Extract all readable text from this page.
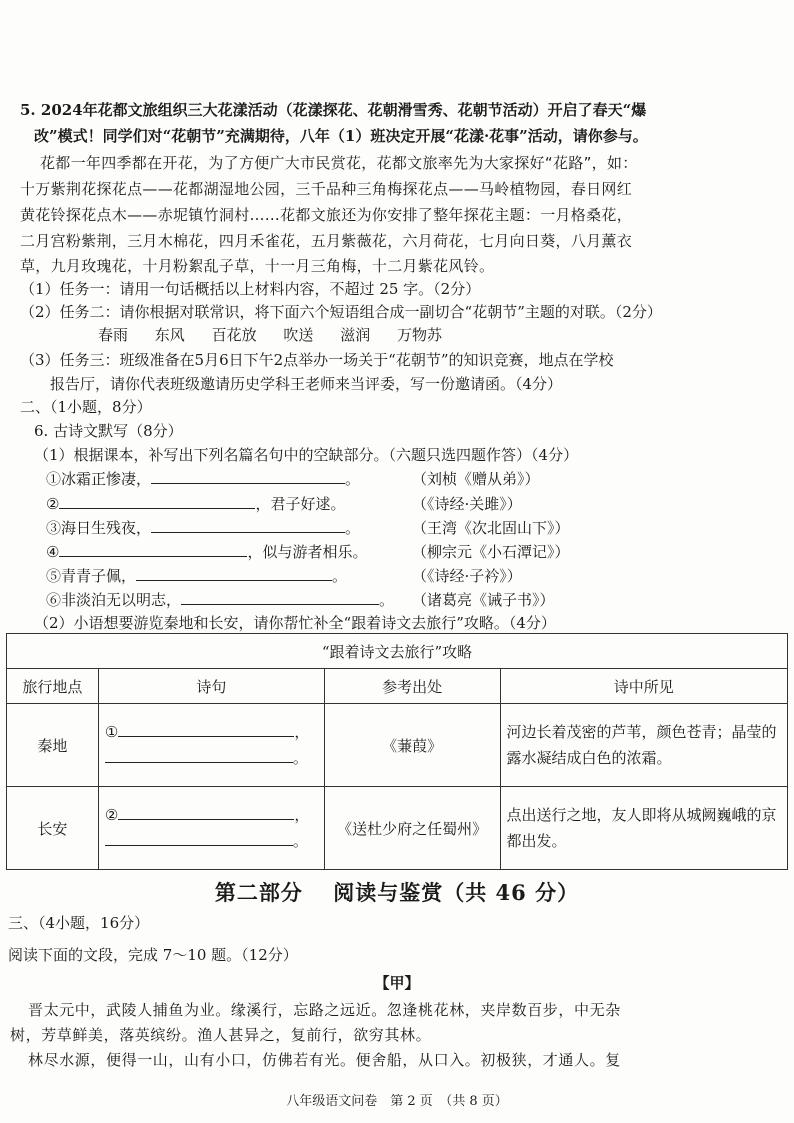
5. 2024年花都文旅组织三大花漾活动（花漾探花、花朝滑雪秀、花朝节活动）开启了春天“爆
改”模式！同学们对“花朝节”充满期待，八年（1）班决定开展“花漾·花事”活动，请你参与。
花都一年四季都在开花，为了方便广大市民赏花，花都文旅率先为大家探好“花路”，如：
十万紫荆花探花点——花都湖湿地公园，三千品种三角梅探花点——马岭植物园，春日网红
黄花铃探花点木——赤坭镇竹洞村……花都文旅还为你安排了整年探花主题：一月格桑花，
二月宫粉紫荆，三月木棉花，四月禾雀花，五月紫薇花，六月荷花，七月向日葵，八月薰衣
草，九月玫瑰花，十月粉絮乱子草，十一月三角梅，十二月紫花风铃。
（1）任务一：请用一句话概括以上材料内容，不超过 25 字。（2分）
（2）任务二：请你根据对联常识，将下面六个短语组合成一副切合“花朝节”主题的对联。（2分）
春雨 东风 百花放 吹送 滋润 万物苏
（3）任务三：班级准备在5月6日下午2点举办一场关于“花朝节”的知识竞赛，地点在学校
报告厅，请你代表班级邀请历史学科王老师来当评委，写一份邀请函。（4分）
二、（1小题，8分）
6. 古诗文默写（8分）
（1）根据课本，补写出下列名篇名句中的空缺部分。（六题只选四题作答）（4分）
①冰霜正惨凄，	。	（刘桢《赠从弟》）
②	，君子好逑。	（《诗经·关雎》）
③海日生残夜，	。	（王湾《次北固山下》）
④	，似与游者相乐。	（柳宗元《小石潭记》）
⑤青青子佩，	。	（《诗经·子衿》）
⑥非淡泊无以明志，	。 （诸葛亮《诫子书》）
（2）小语想要游览秦地和长安，请你帮忙补全“跟着诗文去旅行”攻略。（4分）
“跟着诗文去旅行”攻略			
旅行地点	诗句	参考出处	诗中所见
秦地	① ，
。	《蒹葭》	河边长着茂密的芦苇，颜色苍青；晶莹的露水凝结成白色的浓霜。
长安	② ，
。	《送杜少府之任蜀州》	点出送行之地，友人即将从城阙巍峨的京都出发。
第二部分　 阅读与鉴赏（共 46 分）
三、（4小题，16分）
阅读下面的文段，完成 7～10 题。（12分）
【甲】
晋太元中，武陵人捕鱼为业。缘溪行，忘路之远近。忽逢桃花林，夹岸数百步，中无杂
树，芳草鲜美，落英缤纷。渔人甚异之，复前行，欲穷其林。
林尽水源，便得一山，山有小口，仿佛若有光。便舍船，从口入。初极狭，才通人。复
八年级语文问卷　第 2 页　（共 8 页）
